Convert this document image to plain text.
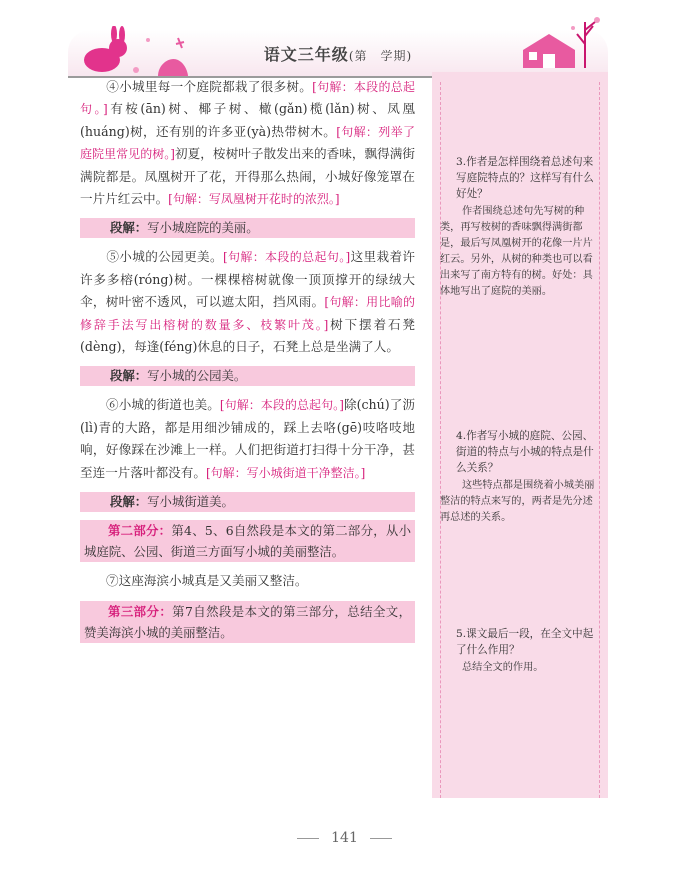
语文三年级(第　学期)

④小城里每一个庭院都栽了很多树。[句解：本段的总起句。]有桉(ān)树、椰子树、橄(gǎn)榄(lǎn)树、凤凰(huáng)树，还有别的许多亚(yà)热带树木。[句解：列举了庭院里常见的树。]初夏，桉树叶子散发出来的香味，飘得满街满院都是。凤凰树开了花，开得那么热闹，小城好像笼罩在一片片红云中。[句解：写凤凰树开花时的浓烈。]

段解：写小城庭院的美丽。

⑤小城的公园更美。[句解：本段的总起句。]这里栽着许许多多榕(róng)树。一棵棵榕树就像一顶顶撑开的绿绒大伞，树叶密不透风，可以遮太阳，挡风雨。[句解：用比喻的修辞手法写出榕树的数量多、枝繁叶茂。]树下摆着石凳(dèng)，每逢(féng)休息的日子，石凳上总是坐满了人。

段解：写小城的公园美。

⑥小城的街道也美。[句解：本段的总起句。]除(chú)了沥(lì)青的大路，都是用细沙铺成的，踩上去咯(gē)吱咯吱地响，好像踩在沙滩上一样。人们把街道打扫得十分干净，甚至连一片落叶都没有。[句解：写小城街道干净整洁。]

段解：写小城街道美。
第二部分：第4、5、6自然段是本文的第二部分，从小城庭院、公园、街道三方面写小城的美丽整洁。

⑦这座海滨小城真是又美丽又整洁。

第三部分：第7自然段是本文的第三部分，总结全文，赞美海滨小城的美丽整洁。

3.作者是怎样围绕着总述句来写庭院特点的？这样写有什么好处？

作者围绕总述句先写树的种类，再写桉树的香味飘得满街都是，最后写凤凰树开的花像一片片红云。另外，从树的种类也可以看出来写了南方特有的树。好处：具体地写出了庭院的美丽。

4.作者写小城的庭院、公园、街道的特点与小城的特点是什么关系？

这些特点都是围绕着小城美丽整洁的特点来写的，两者是先分述再总述的关系。

5.课文最后一段，在全文中起了什么作用？

总结全文的作用。

141
